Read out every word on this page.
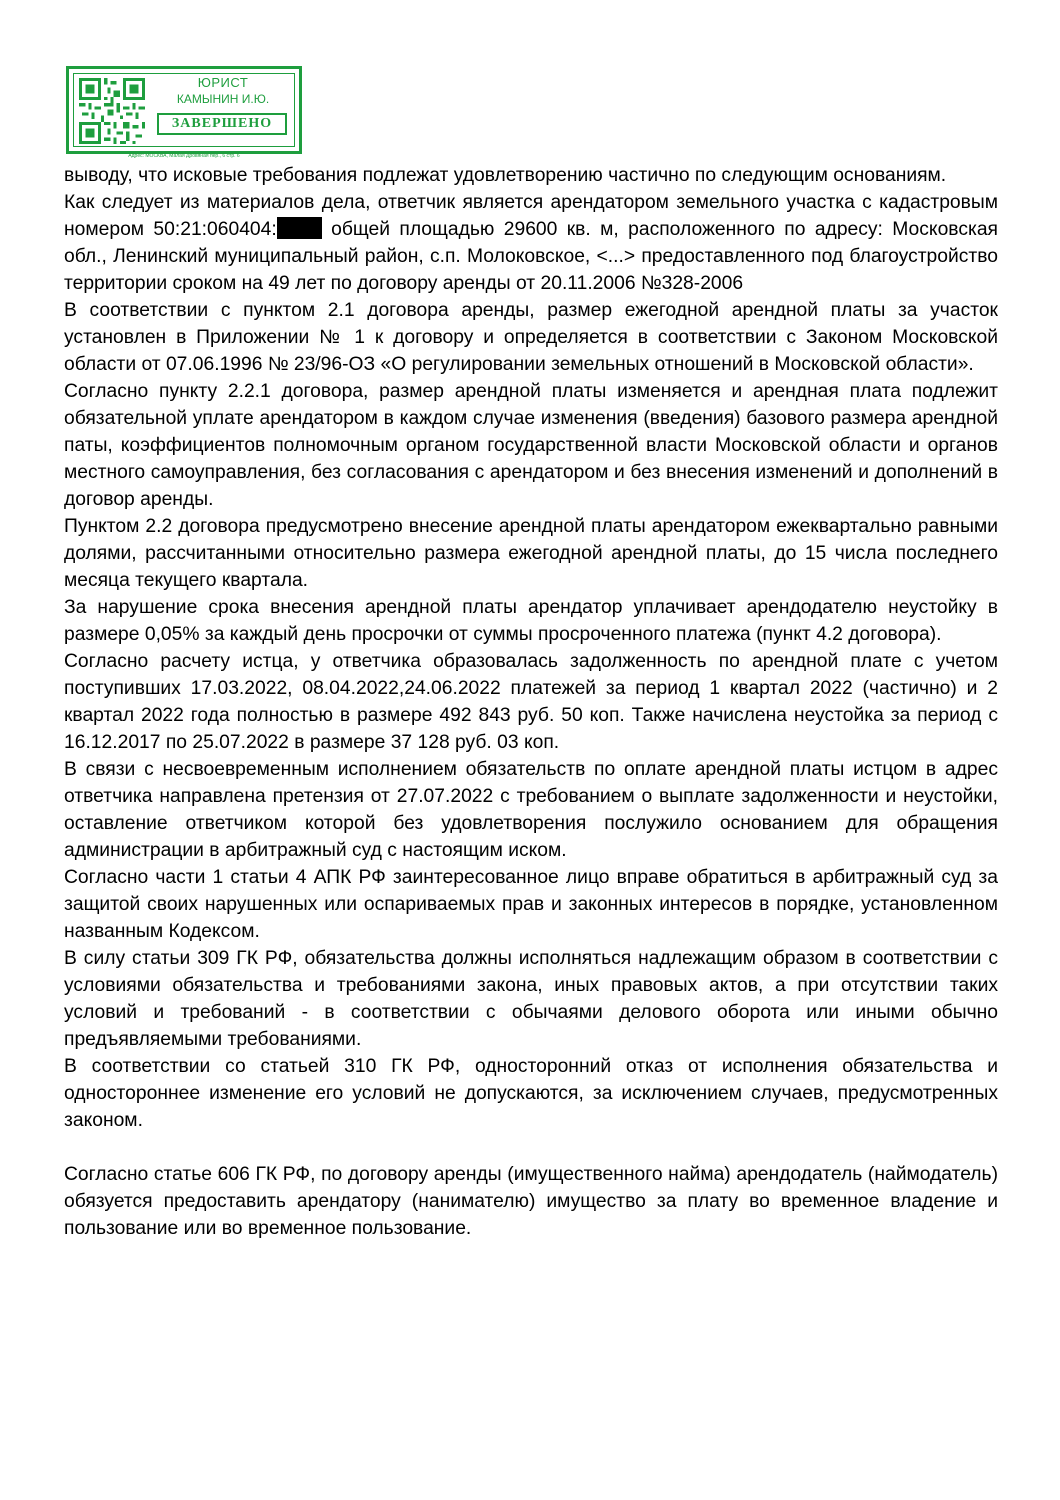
ЮРИСТ
КАМЫНИН И.Ю.
ЗАВЕРШЕНО
Адрес: МОСКВА, Малая Дровяная пер., 6 стр. 6

выводу, что исковые требования подлежат удовлетворению частично по следующим основаниям.

Как следует из материалов дела, ответчик является арендатором земельного участка с кадастровым номером 50:21:060404: общей площадью 29600 кв. м, расположенного по адресу: Московская обл., Ленинский муниципальный район, с.п. Молоковское, <...> предоставленного под благоустройство территории сроком на 49 лет по договору аренды от 20.11.2006 №328-2006

В соответствии с пунктом 2.1 договора аренды, размер ежегодной арендной платы за участок установлен в Приложении № 1 к договору и определяется в соответствии с Законом Московской области от 07.06.1996 № 23/96-ОЗ «О регулировании земельных отношений в Московской области».

Согласно пункту 2.2.1 договора, размер арендной платы изменяется и арендная плата подлежит обязательной уплате арендатором в каждом случае изменения (введения) базового размера арендной паты, коэффициентов полномочным органом государственной власти Московской области и органов местного самоуправления, без согласования с арендатором и без внесения изменений и дополнений в договор аренды.

Пунктом 2.2 договора предусмотрено внесение арендной платы арендатором ежеквартально равными долями, рассчитанными относительно размера ежегодной арендной платы, до 15 числа последнего месяца текущего квартала.

За нарушение срока внесения арендной платы арендатор уплачивает арендодателю неустойку в размере 0,05% за каждый день просрочки от суммы просроченного платежа (пункт 4.2 договора).

Согласно расчету истца, у ответчика образовалась задолженность по арендной плате с учетом поступивших 17.03.2022, 08.04.2022,24.06.2022 платежей за период 1 квартал 2022 (частично) и 2 квартал 2022 года полностью в размере 492 843 руб. 50 коп. Также начислена неустойка за период с 16.12.2017 по 25.07.2022 в размере 37 128 руб. 03 коп.

В связи с несвоевременным исполнением обязательств по оплате арендной платы истцом в адрес ответчика направлена претензия от 27.07.2022 с требованием о выплате задолженности и неустойки, оставление ответчиком которой без удовлетворения послужило основанием для обращения администрации в арбитражный суд с настоящим иском.

Согласно части 1 статьи 4 АПК РФ заинтересованное лицо вправе обратиться в арбитражный суд за защитой своих нарушенных или оспариваемых прав и законных интересов в порядке, установленном названным Кодексом.

В силу статьи 309 ГК РФ, обязательства должны исполняться надлежащим образом в соответствии с условиями обязательства и требованиями закона, иных правовых актов, а при отсутствии таких условий и требований - в соответствии с обычаями делового оборота или иными обычно предъявляемыми требованиями.

В соответствии со статьей 310 ГК РФ, односторонний отказ от исполнения обязательства и одностороннее изменение его условий не допускаются, за исключением случаев, предусмотренных законом.

Согласно статье 606 ГК РФ, по договору аренды (имущественного найма) арендодатель (наймодатель) обязуется предоставить арендатору (нанимателю) имущество за плату во временное владение и пользование или во временное пользование.
